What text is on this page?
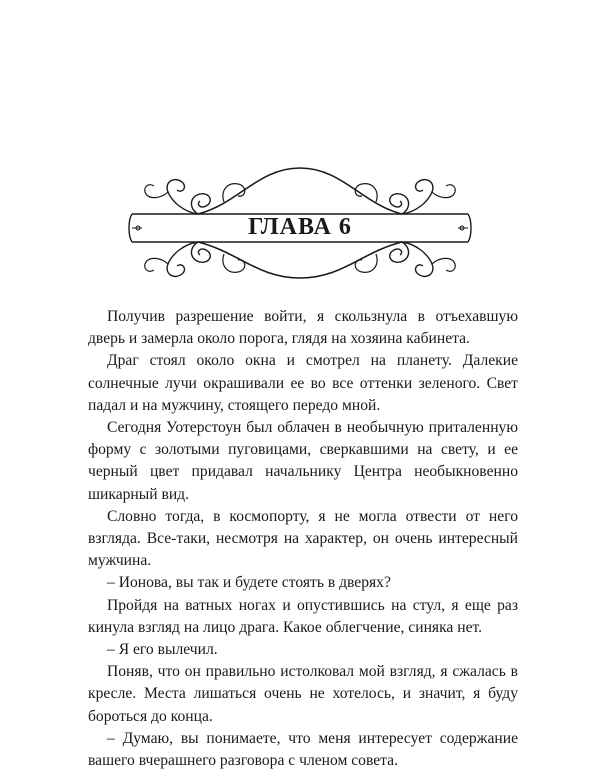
ГЛАВА 6

Получив разрешение войти, я скользнула в отъехавшую дверь и замерла около порога, глядя на хозяина кабинета.

Драг стоял около окна и смотрел на планету. Далекие солнечные лучи окрашивали ее во все оттенки зеленого. Свет падал и на мужчину, стоящего передо мной.

Сегодня Уотерстоун был облачен в необычную приталенную форму с золотыми пуговицами, сверкавшими на свету, и ее черный цвет придавал начальнику Центра необыкновенно шикарный вид.

Словно тогда, в космопорту, я не могла отвести от него взгляда. Все-таки, несмотря на характер, он очень интересный мужчина.

– Ионова, вы так и будете стоять в дверях?

Пройдя на ватных ногах и опустившись на стул, я еще раз кинула взгляд на лицо драга. Какое облегчение, синяка нет.

– Я его вылечил.

Поняв, что он правильно истолковал мой взгляд, я сжалась в кресле. Места лишаться очень не хотелось, и значит, я буду бороться до конца.

– Думаю, вы понимаете, что меня интересует содержание вашего вчерашнего разговора с членом совета.
